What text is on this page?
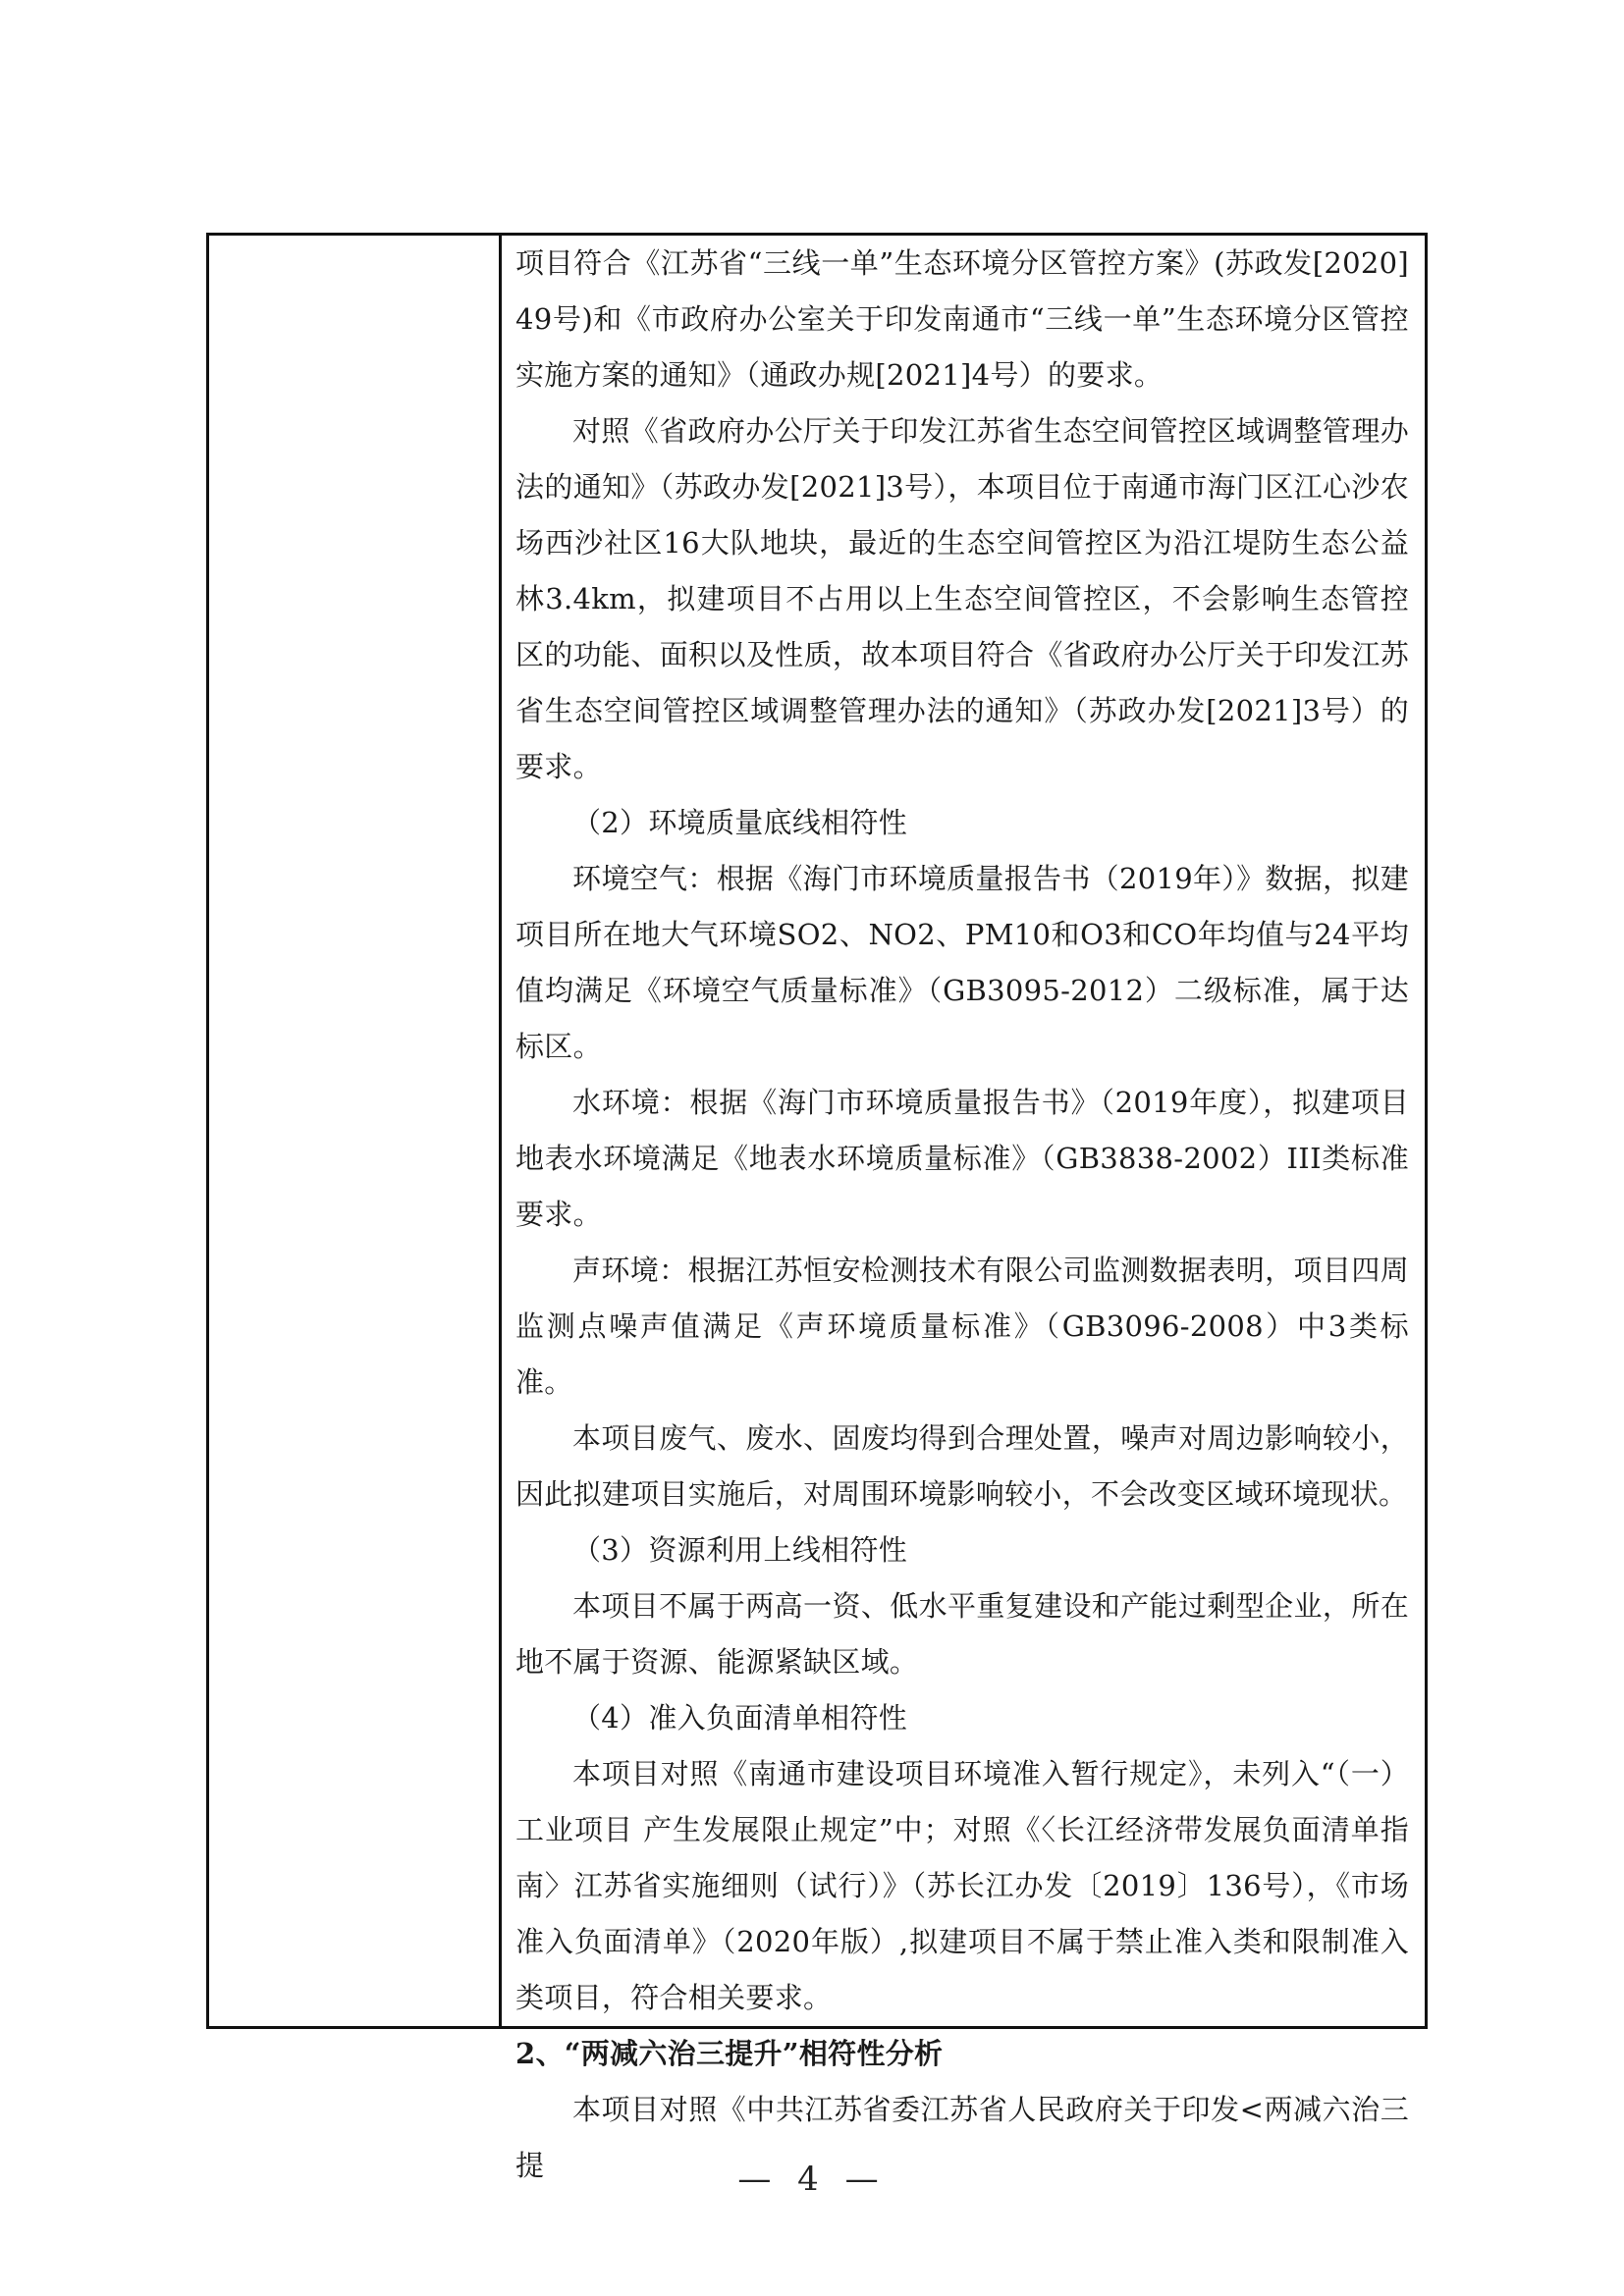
项目符合《江苏省“三线一单”生态环境分区管控方案》(苏政发[2020]49号)和《市政府办公室关于印发南通市“三线一单”生态环境分区管控实施方案的通知》（通政办规[2021]4号）的要求。

对照《省政府办公厅关于印发江苏省生态空间管控区域调整管理办法的通知》（苏政办发[2021]3号），本项目位于南通市海门区江心沙农场西沙社区16大队地块，最近的生态空间管控区为沿江堤防生态公益林3.4km，拟建项目不占用以上生态空间管控区，不会影响生态管控区的功能、面积以及性质，故本项目符合《省政府办公厅关于印发江苏省生态空间管控区域调整管理办法的通知》（苏政办发[2021]3号）的要求。

（2）环境质量底线相符性

环境空气：根据《海门市环境质量报告书（2019年）》数据，拟建项目所在地大气环境SO2、NO2、PM10和O3和CO年均值与24平均值均满足《环境空气质量标准》（GB3095-2012）二级标准，属于达标区。

水环境：根据《海门市环境质量报告书》（2019年度），拟建项目地表水环境满足《地表水环境质量标准》（GB3838-2002）III类标准要求。

声环境：根据江苏恒安检测技术有限公司监测数据表明，项目四周监测点噪声值满足《声环境质量标准》（GB3096-2008）中3类标准。

本项目废气、废水、固废均得到合理处置，噪声对周边影响较小，因此拟建项目实施后，对周围环境影响较小，不会改变区域环境现状。

（3）资源利用上线相符性

本项目不属于两高一资、低水平重复建设和产能过剩型企业，所在地不属于资源、能源紧缺区域。

（4）准入负面清单相符性

本项目对照《南通市建设项目环境准入暂行规定》，未列入“（一）工业项目 产生发展限止规定”中；对照《〈长江经济带发展负面清单指南〉江苏省实施细则（试行）》（苏长江办发〔2019〕136号），《市场准入负面清单》（2020年版）,拟建项目不属于禁止准入类和限制准入类项目，符合相关要求。

2、“两减六治三提升”相符性分析

本项目对照《中共江苏省委江苏省人民政府关于印发<两减六治三提	— 4 —
